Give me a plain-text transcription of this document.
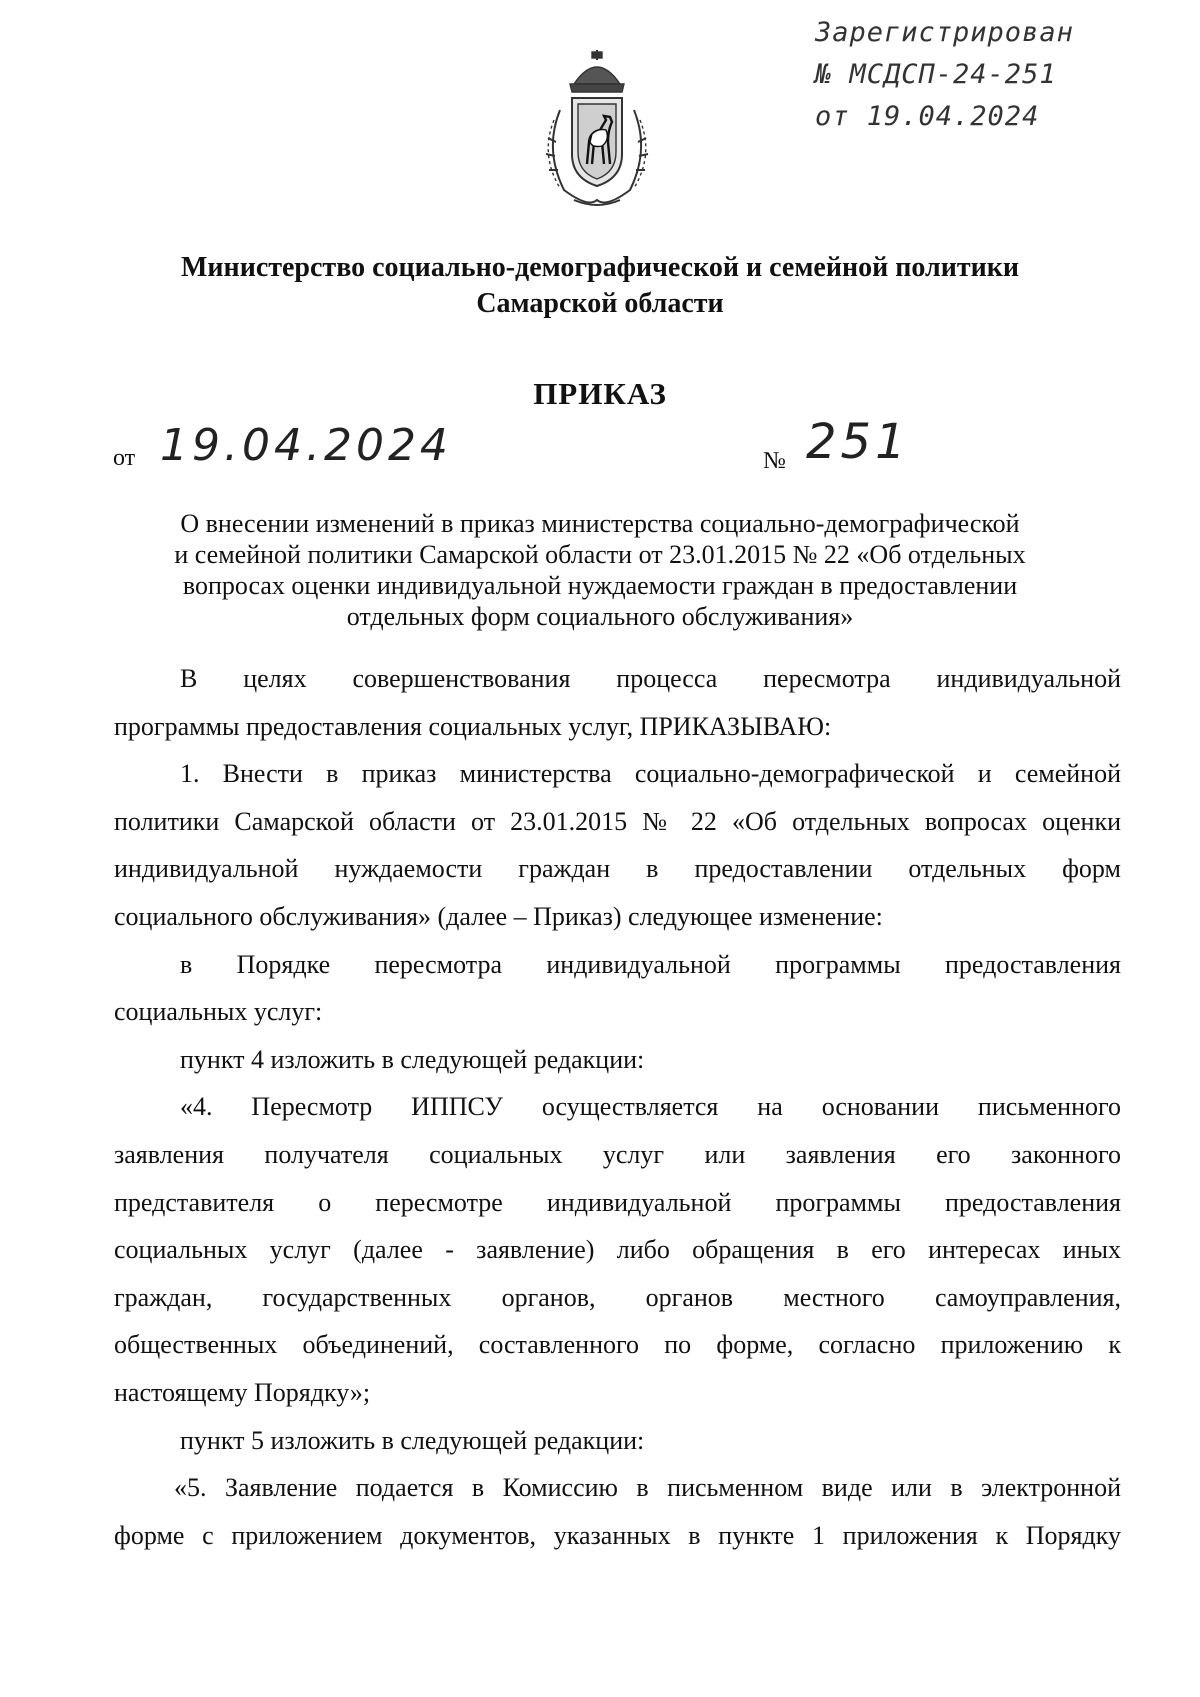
Зарегистрирован
№ МСДСП-24-251
от 19.04.2024
Министерство социально-демографической и семейной политики
Самарской области
ПРИКАЗ
от 19.04.2024	№ 251
О внесении изменений в приказ министерства социально-демографической
и семейной политики Самарской области от 23.01.2015 № 22 «Об отдельных
вопросах оценки индивидуальной нуждаемости граждан в предоставлении
отдельных форм социального обслуживания»
В целях совершенствования процесса пересмотра индивидуальной
программы предоставления социальных услуг, ПРИКАЗЫВАЮ:
1. Внести в приказ министерства социально-демографической и семейной
политики Самарской области от 23.01.2015 № 22 «Об отдельных вопросах оценки
индивидуальной нуждаемости граждан в предоставлении отдельных форм
социального обслуживания» (далее – Приказ) следующее изменение:
в Порядке пересмотра индивидуальной программы предоставления
социальных услуг:
пункт 4 изложить в следующей редакции:
«4. Пересмотр ИППСУ осуществляется на основании письменного
заявления получателя социальных услуг или заявления его законного
представителя о пересмотре индивидуальной программы предоставления
социальных услуг (далее - заявление) либо обращения в его интересах иных
граждан, государственных органов, органов местного самоуправления,
общественных объединений, составленного по форме, согласно приложению к
настоящему Порядку»;
пункт 5 изложить в следующей редакции:
«5. Заявление подается в Комиссию в письменном виде или в электронной
форме с приложением документов, указанных в пункте 1 приложения к Порядку
